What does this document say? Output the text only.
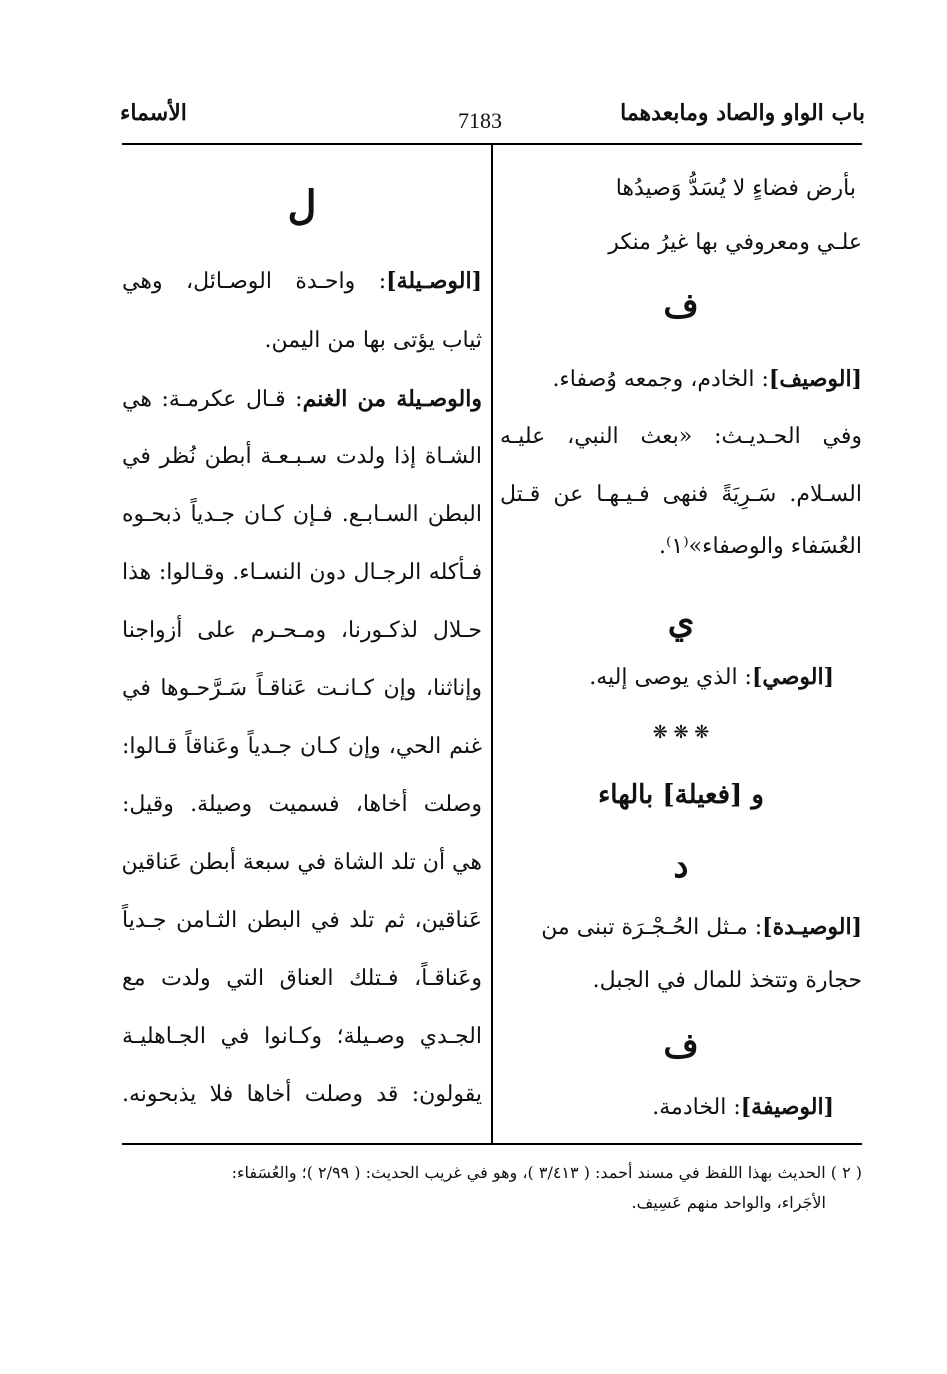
باب الواو والصاد ومابعدهما
7183
الأسماء
بأرض فضاءٍ لا يُسَدُّ وَصيدُها
علـي ومعروفي بها غيرُ منكر
ف
[الوصيف]: الخادم، وجمعه وُصفاء.
وفي الحـديـث: «بعث النبي، عليـه
السـلام. سَـرِيَةً فنهى فـيـهـا عن قـتل
العُسَفاء والوصفاء»⁽١⁾.
ي
[الوصي]: الذي يوصى إليه.
❋ ❋ ❋
و [فعيلة] بالهاء
د
[الوصيـدة]: مـثل الحُـجْـرَة تبنى من
حجارة وتتخذ للمال في الجبل.
ف
[الوصيفة]: الخادمة.
ل
[الوصـيلة]: واحـدة الوصـائل، وهي
ثياب يؤتى بها من اليمن.
والوصـيلة من الغنم: قـال عكرمـة: هي
الشـاة إذا ولدت سـبـعـة أبطن نُظر في
البطن السـابـع. فـإن كـان جـدياً ذبحـوه
فـأكله الرجـال دون النسـاء. وقـالوا: هذا
حـلال لذكـورنا، ومـحـرم على أزواجنا
وإناثنا، وإن كـانـت عَناقـاً سَـرَّحـوها في
غنم الحي، وإن كـان جـدياً وعَناقاً قـالوا:
وصلت أخاها، فسميت وصيلة. وقيل:
هي أن تلد الشاة في سبعة أبطن عَناقين
عَناقين، ثم تلد في البطن الثـامن جـدياً
وعَناقـاً، فـتلك العناق التي ولدت مع
الجـدي وصـيلة؛ وكـانوا في الجـاهليـة
يقولون: قد وصلت أخاها فلا يذبحونه.
( ٢ ) الحديث بهذا اللفظ في مسند أحمد: ( ٣/٤١٣ )، وهو في غريب الحديث: ( ٢/٩٩ )؛ والعُسَفاء:
الأجَراء، والواحد منهم عَسِيف.
